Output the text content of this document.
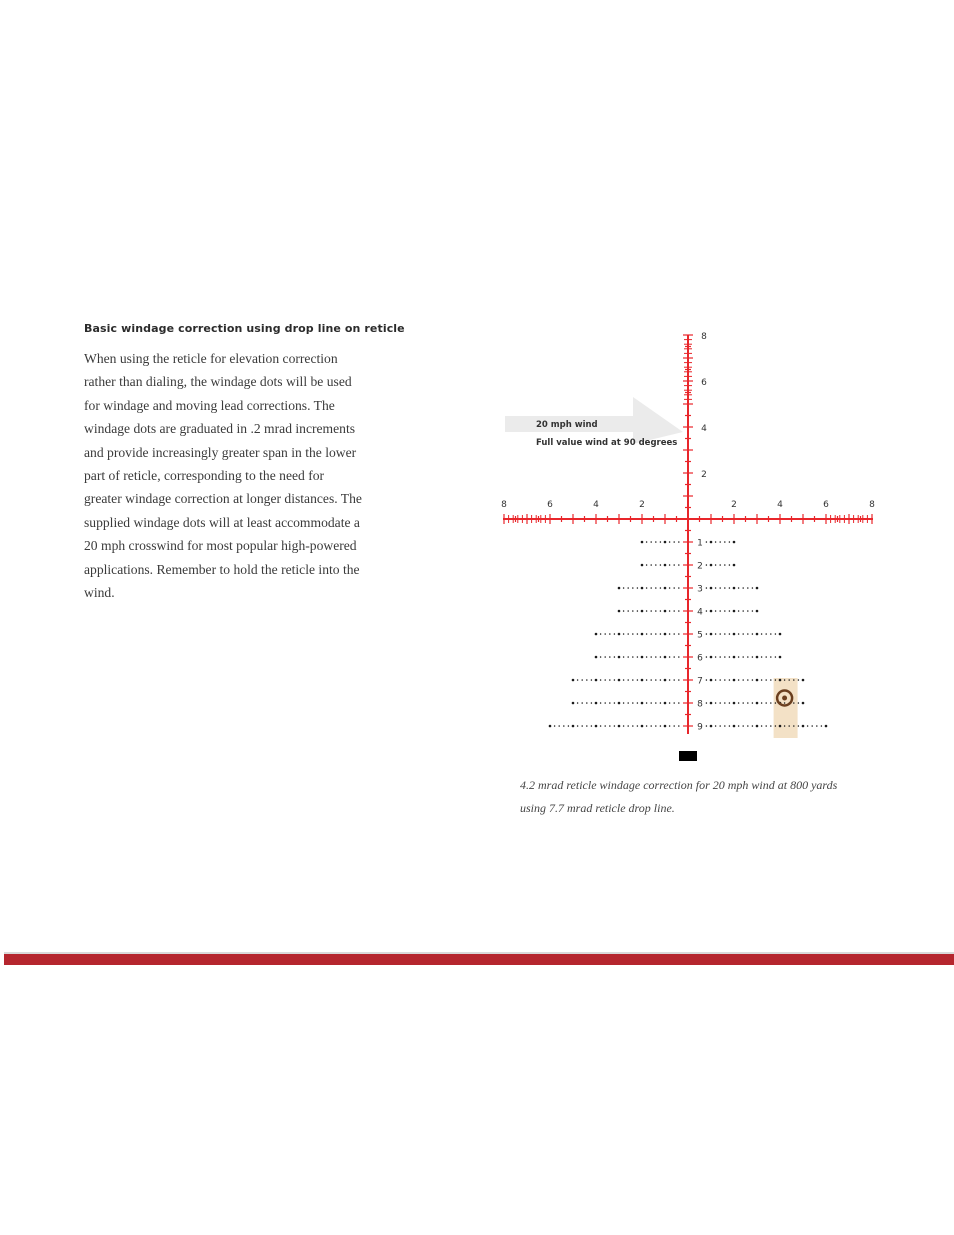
Basic windage correction using drop line on reticle
When using the reticle for elevation correction
rather than dialing, the windage dots will be used
for windage and moving lead corrections. The
windage dots are graduated in .2 mrad increments
and provide increasingly greater span in the lower
part of reticle, corresponding to the need for
greater windage correction at longer distances. The
supplied windage dots will at least accommodate a
20 mph crosswind for most popular high-powered
applications. Remember to hold the reticle into the
wind.
20 mph wind
Full value wind at 90 degrees
8
6
4
2
8	6	4	2	2	4	6	8
1
2
3
4
5
6
7
8
9
4.2 mrad reticle windage correction for 20 mph wind at 800 yards
using 7.7 mrad reticle drop line.
